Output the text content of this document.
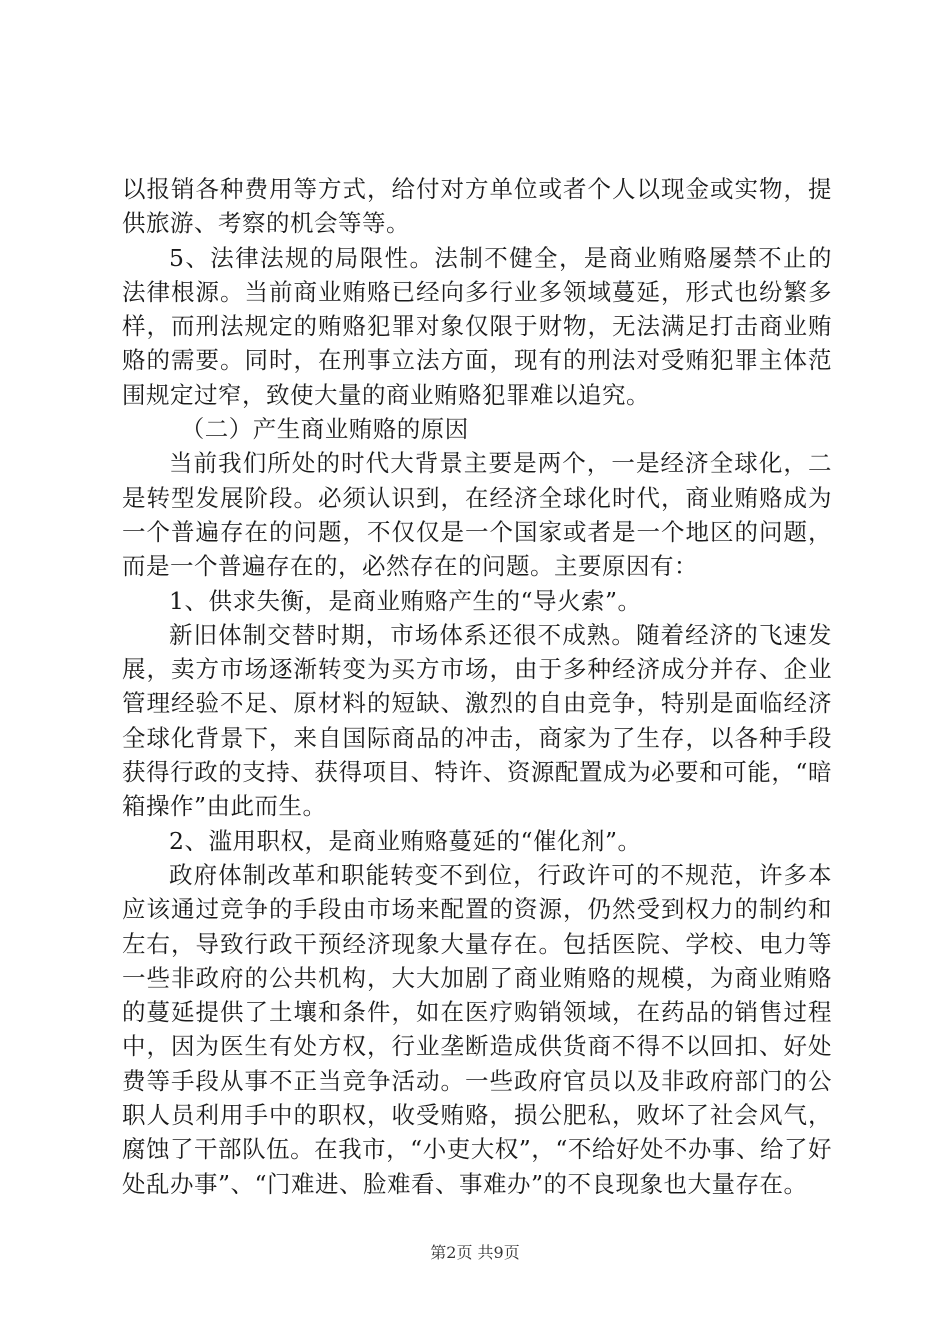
以报销各种费用等方式，给付对方单位或者个人以现金或实物，提供旅游、考察的机会等等。

5、法律法规的局限性。法制不健全，是商业贿赂屡禁不止的法律根源。当前商业贿赂已经向多行业多领域蔓延，形式也纷繁多样，而刑法规定的贿赂犯罪对象仅限于财物，无法满足打击商业贿赂的需要。同时，在刑事立法方面，现有的刑法对受贿犯罪主体范围规定过窄，致使大量的商业贿赂犯罪难以追究。

（二）产生商业贿赂的原因

当前我们所处的时代大背景主要是两个，一是经济全球化，二是转型发展阶段。必须认识到，在经济全球化时代，商业贿赂成为一个普遍存在的问题，不仅仅是一个国家或者是一个地区的问题，而是一个普遍存在的，必然存在的问题。主要原因有：

1、供求失衡，是商业贿赂产生的“导火索”。

新旧体制交替时期，市场体系还很不成熟。随着经济的飞速发展，卖方市场逐渐转变为买方市场，由于多种经济成分并存、企业管理经验不足、原材料的短缺、激烈的自由竞争，特别是面临经济全球化背景下，来自国际商品的冲击，商家为了生存，以各种手段获得行政的支持、获得项目、特许、资源配置成为必要和可能，“暗箱操作”由此而生。

2、滥用职权，是商业贿赂蔓延的“催化剂”。

政府体制改革和职能转变不到位，行政许可的不规范，许多本应该通过竞争的手段由市场来配置的资源，仍然受到权力的制约和左右，导致行政干预经济现象大量存在。包括医院、学校、电力等一些非政府的公共机构，大大加剧了商业贿赂的规模，为商业贿赂的蔓延提供了土壤和条件，如在医疗购销领域，在药品的销售过程中，因为医生有处方权，行业垄断造成供货商不得不以回扣、好处费等手段从事不正当竞争活动。一些政府官员以及非政府部门的公职人员利用手中的职权，收受贿赂，损公肥私，败坏了社会风气，腐蚀了干部队伍。在我市，“小吏大权”，“不给好处不办事、给了好处乱办事”、“门难进、脸难看、事难办”的不良现象也大量存在。

第2页 共9页
